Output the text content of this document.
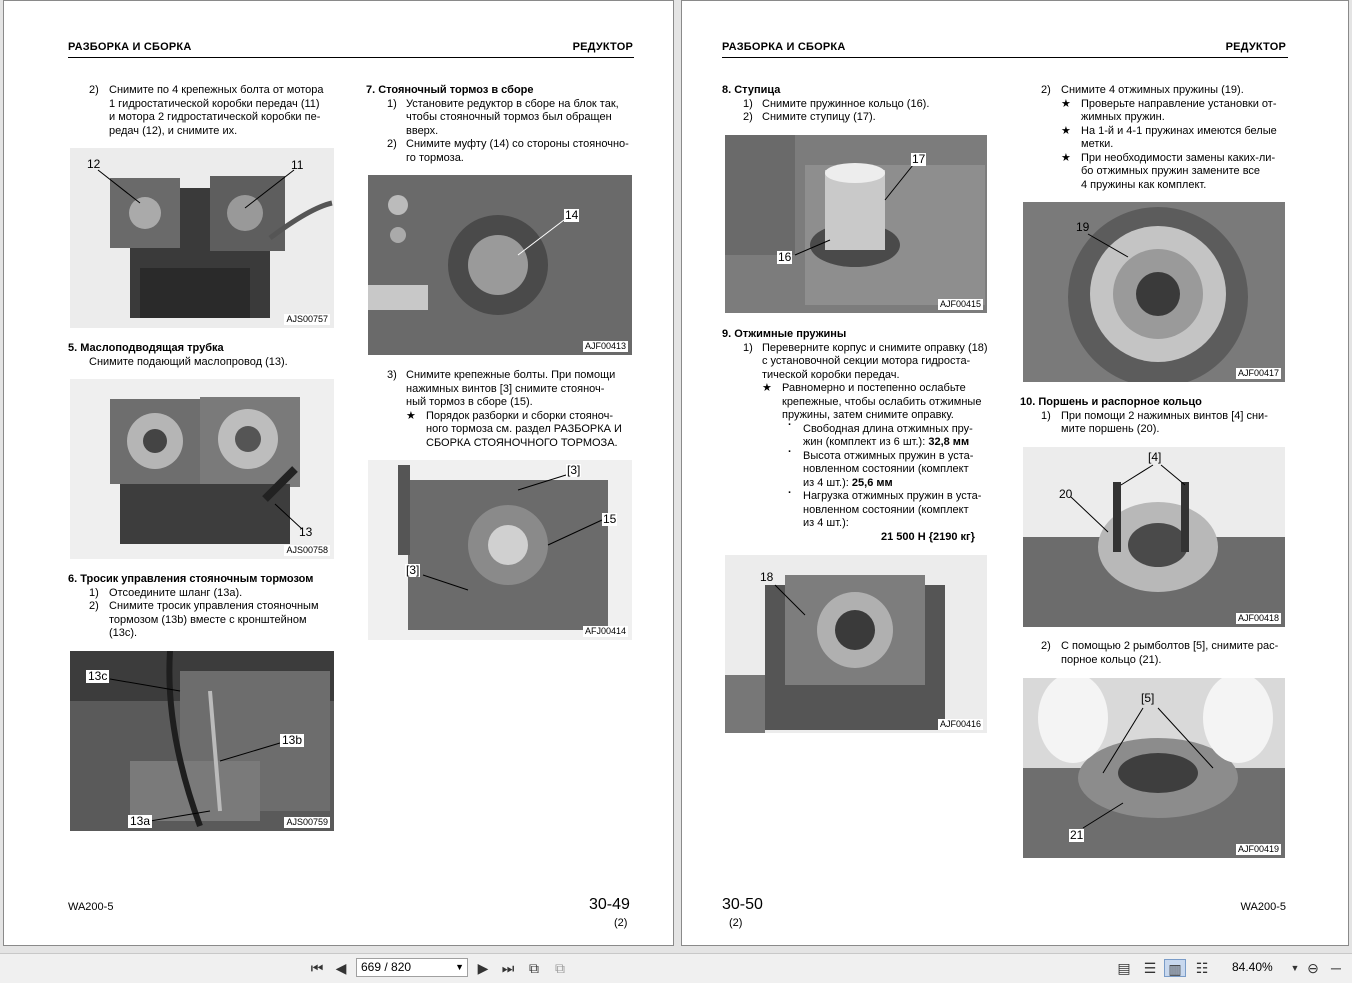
РАЗБОРКА И СБОРКА	РЕДУКТОР
2) Снимите по 4 крепежных болта от мотора
1 гидростатической коробки передач (11)
и мотора 2 гидростатической коробки пе-
редач (12), и снимите их.
12	11
AJS00757
5. Маслоподводящая трубка
Снимите подающий маслопровод (13).
13
AJS00758
6. Тросик управления стояночным тормозом
1) Отсоедините шланг (13a).
2) Снимите тросик управления стояночным
тормозом (13b) вместе с кронштейном
(13c).
13c
13b
13a	AJS00759
7. Стояночный тормоз в сборе
1) Установите редуктор в сборе на блок так,
чтобы стояночный тормоз был обращен
вверх.
2) Снимите муфту (14) со стороны стояночно-
го тормоза.
14
AJF00413
3) Снимите крепежные болты. При помощи
нажимных винтов [3] снимите стояноч-
ный тормоз в сборе (15).
★ Порядок разборки и сборки стояноч-
ного тормоза см. раздел РАЗБОРКА И
СБОРКА СТОЯНОЧНОГО ТОРМОЗА.
[3]
15
[3]
AFJ00414
WA200-5	30-49
(2)
РАЗБОРКА И СБОРКА	РЕДУКТОР
8. Ступица
1) Снимите пружинное кольцо (16).
2) Снимите ступицу (17).
17
16
AJF00415
9. Отжимные пружины
1) Переверните корпус и снимите оправку (18)
с установочной секции мотора гидроста-
тической коробки передач.
★ Равномерно и постепенно ослабьте
крепежные, чтобы ослабить отжимные
пружины, затем снимите оправку.
· Свободная длина отжимных пру-
жин (комплект из 6 шт.): 32,8 мм
· Высота отжимных пружин в уста-
новленном состоянии (комплект
из 4 шт.): 25,6 мм
· Нагрузка отжимных пружин в уста-
новленном состоянии (комплект
из 4 шт.):
21 500 Н {2190 кг}
18
AJF00416
2) Снимите 4 отжимных пружины (19).
★ Проверьте направление установки от-
жимных пружин.
★ На 1-й и 4-1 пружинах имеются белые
метки.
★ При необходимости замены каких-ли-
бо отжимных пружин замените все
4 пружины как комплект.
19
AJF00417
10. Поршень и распорное кольцо
1) При помощи 2 нажимных винтов [4] сни-
мите поршень (20).
[4]
20
AJF00418
2) С помощью 2 рымболтов [5], снимите рас-
порное кольцо (21).
[5]
21
AJF00419
30-50
(2)
WA200-5
⏮ ◀	669 / 820	▼ ▶ ⏭	⧉	⧉	▤ ☰ ▥	☷	84.40% ▼ ⊖ ─
